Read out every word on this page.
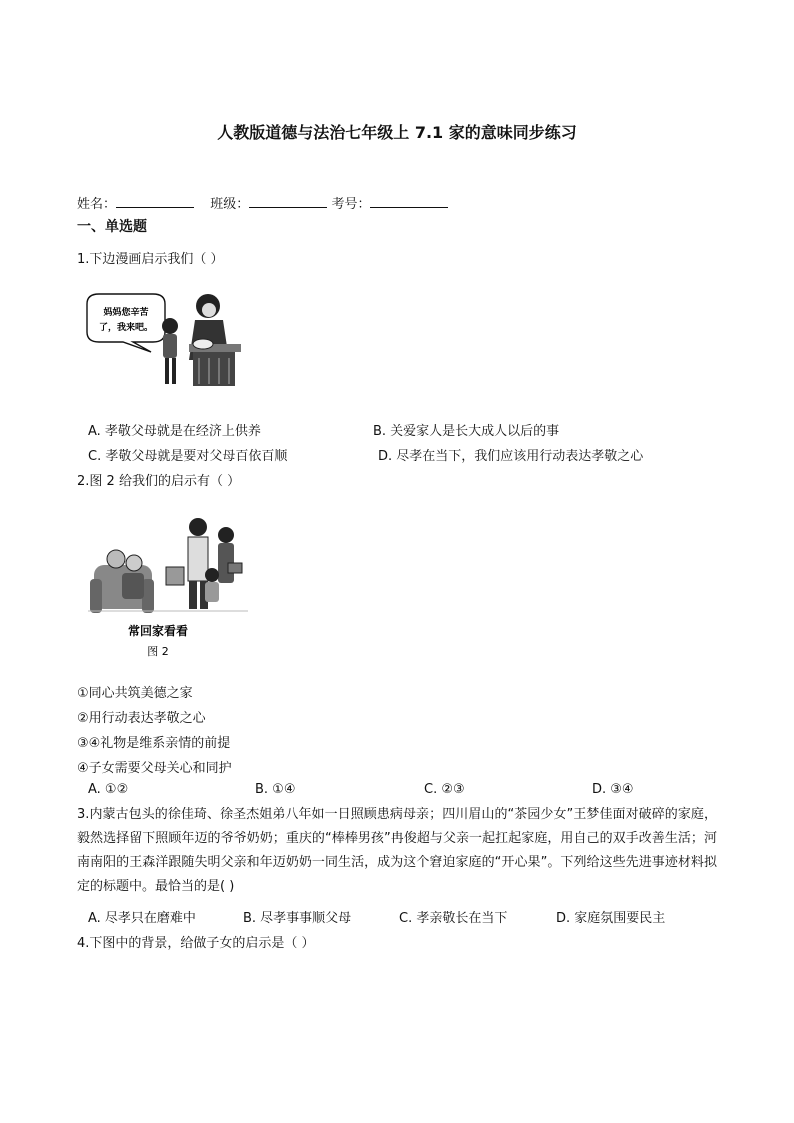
人教版道德与法治七年级上 7.1 家的意味同步练习
姓名：	班级：	考号：
一、单选题
1.下边漫画启示我们（ ）
妈妈您辛苦
了，我来吧。
A. 孝敬父母就是在经济上供养	B. 关爱家人是长大成人以后的事
C. 孝敬父母就是要对父母百依百顺	D. 尽孝在当下，我们应该用行动表达孝敬之心
2.图 2 给我们的启示有（ ）
常回家看看
图 2
①同心共筑美德之家
②用行动表达孝敬之心
③④礼物是维系亲情的前提
④子女需要父母关心和同护
A. ①②	B. ①④	C. ②③	D. ③④
3.内蒙古包头的徐佳琦、徐圣杰姐弟八年如一日照顾患病母亲；四川眉山的“茶园少女”王梦佳面对破碎的家庭，毅然选择留下照顾年迈的爷爷奶奶；重庆的“棒棒男孩”冉俊超与父亲一起扛起家庭，用自己的双手改善生活；河南南阳的王森洋跟随失明父亲和年迈奶奶一同生活，成为这个窘迫家庭的“开心果”。下列给这些先进事迹材料拟定的标题中。最恰当的是( )
A. 尽孝只在磨难中	B. 尽孝事事顺父母	C. 孝亲敬长在当下	D. 家庭氛围要民主
4.下图中的背景，给做子女的启示是（ ）
